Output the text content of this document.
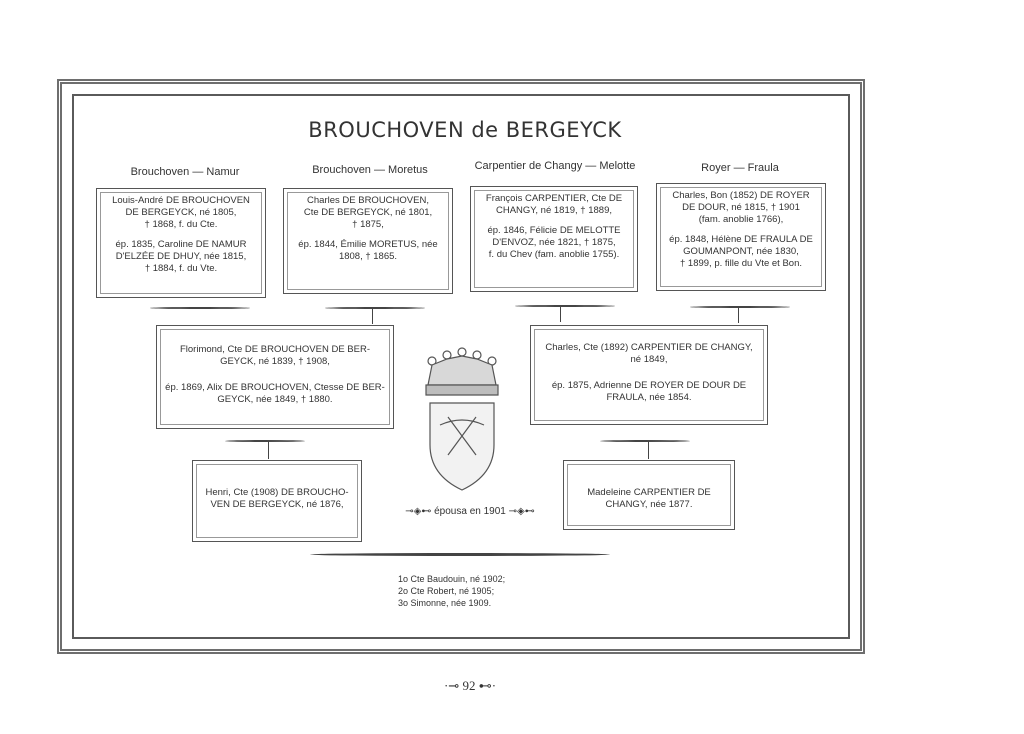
BROUCHOVEN de BERGEYCK
Brouchoven — Namur	Brouchoven — Moretus	Carpentier de Changy — Melotte	Royer — Fraula
Louis-André DE BROUCHOVEN
DE BERGEYCK, né 1805,
† 1868, f. du Cte.
ép. 1835, Caroline DE NAMUR
D'ELZÉE DE DHUY, née 1815,
† 1884, f. du Vte.
Charles DE BROUCHOVEN,
Cte DE BERGEYCK, né 1801,
† 1875,
ép. 1844, Émilie MORETUS, née
1808, † 1865.
François CARPENTIER, Cte DE
CHANGY, né 1819, † 1889,
ép. 1846, Félicie DE MELOTTE
D'ENVOZ, née 1821, † 1875,
f. du Chev (fam. anoblie 1755).
Charles, Bon (1852) DE ROYER
DE DOUR, né 1815, † 1901
(fam. anoblie 1766),
ép. 1848, Hélène DE FRAULA DE
GOUMANPONT, née 1830,
† 1899, p. fille du Vte et Bon.
Florimond, Cte DE BROUCHOVEN DE BER-
GEYCK, né 1839, † 1908,
ép. 1869, Alix DE BROUCHOVEN, Ctesse DE BER-
GEYCK, née 1849, † 1880.
Charles, Cte (1892) CARPENTIER DE CHANGY,
né 1849,
ép. 1875, Adrienne DE ROYER DE DOUR DE
FRAULA, née 1854.
Henri, Cte (1908) DE BROUCHO-
VEN DE BERGEYCK, né 1876,
Madeleine CARPENTIER DE
CHANGY, née 1877.
⊸◈⊷ épousa en 1901 ⊸◈⊷
1o Cte Baudouin, né 1902;
2o Cte Robert, né 1905;
3o Simonne, née 1909.
·⊸ 92 ⊷·
